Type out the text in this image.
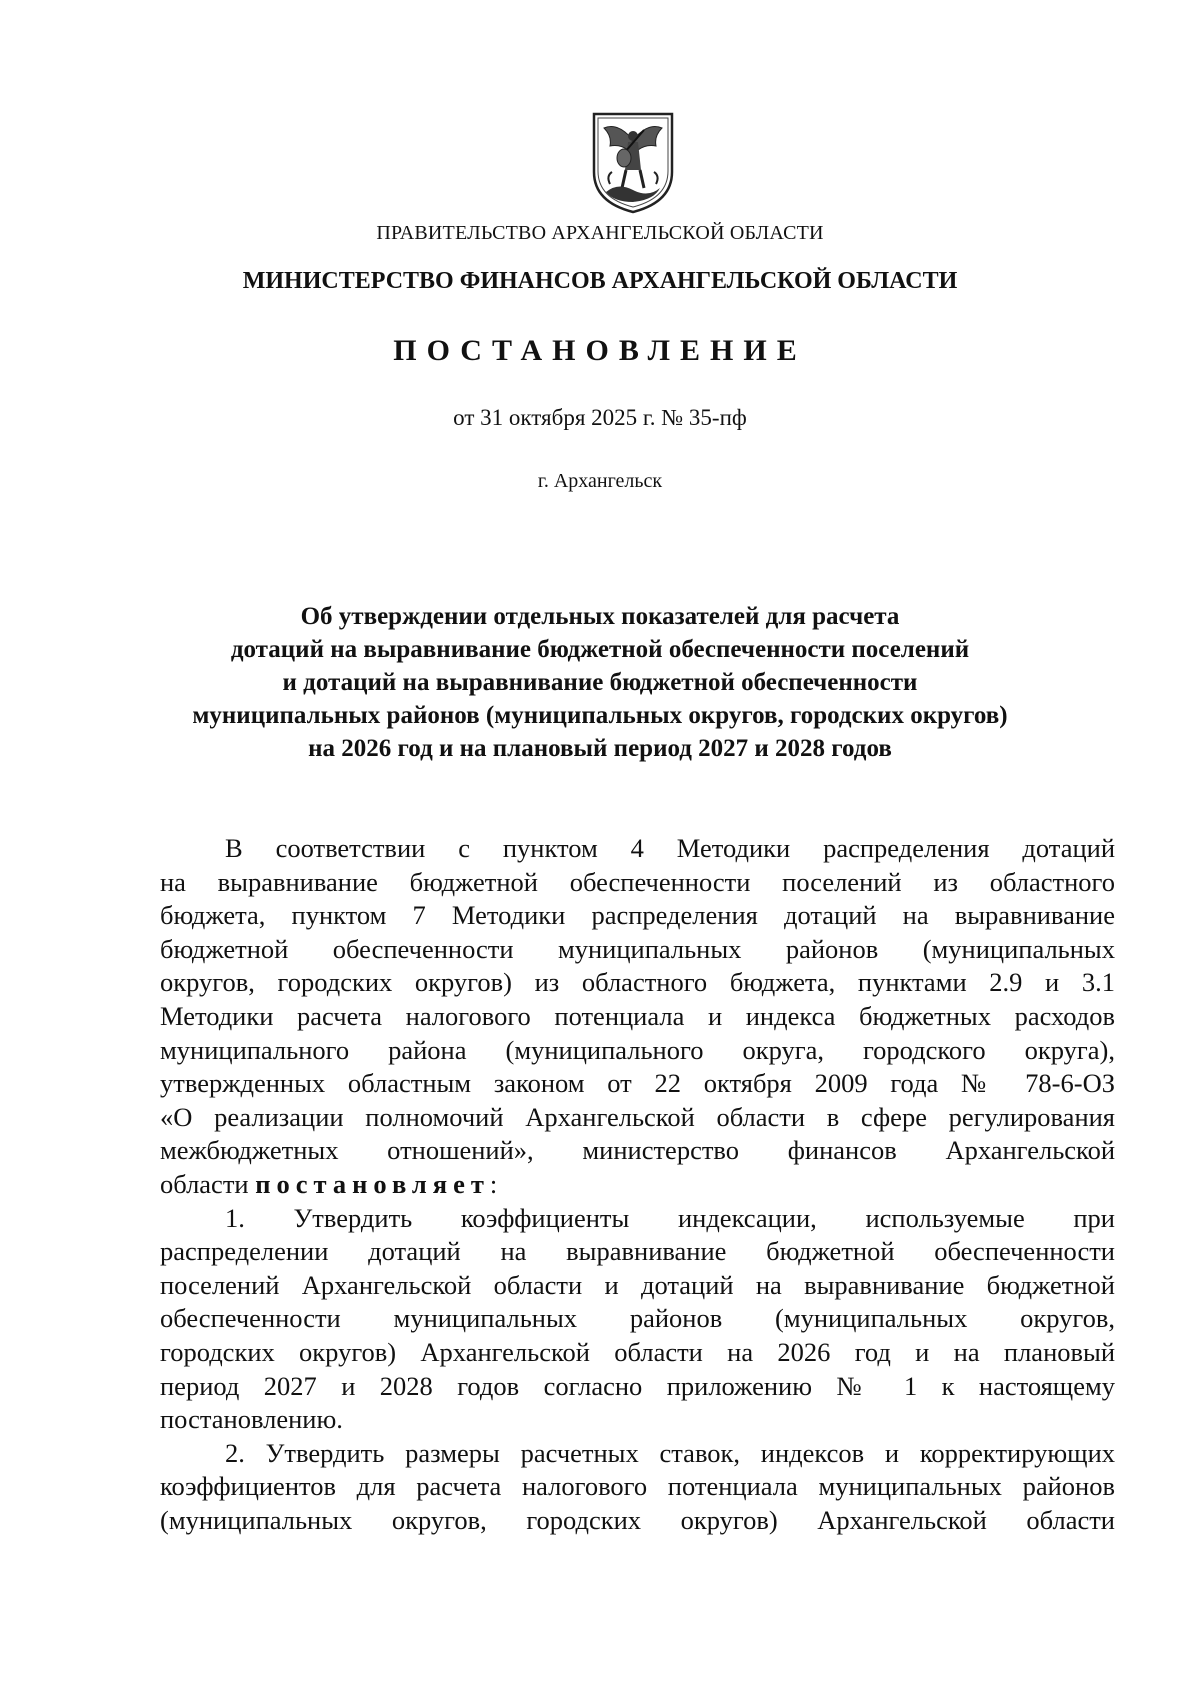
ПРАВИТЕЛЬСТВО АРХАНГЕЛЬСКОЙ ОБЛАСТИ
МИНИСТЕРСТВО ФИНАНСОВ АРХАНГЕЛЬСКОЙ ОБЛАСТИ
ПОСТАНОВЛЕНИЕ
от 31 октября 2025 г. № 35-пф
г. Архангельск
Об утверждении отдельных показателей для расчета
дотаций на выравнивание бюджетной обеспеченности поселений
и дотаций на выравнивание бюджетной обеспеченности
муниципальных районов (муниципальных округов, городских округов)
на 2026 год и на плановый период 2027 и 2028 годов
В соответствии с пунктом 4 Методики распределения дотаций
на выравнивание бюджетной обеспеченности поселений из областного
бюджета, пунктом 7 Методики распределения дотаций на выравнивание
бюджетной обеспеченности муниципальных районов (муниципальных
округов, городских округов) из областного бюджета, пунктами 2.9 и 3.1
Методики расчета налогового потенциала и индекса бюджетных расходов
муниципального района (муниципального округа, городского округа),
утвержденных областным законом от 22 октября 2009 года № 78-6-ОЗ
«О реализации полномочий Архангельской области в сфере регулирования
межбюджетных отношений», министерство финансов Архангельской
области постановляет:
1. Утвердить коэффициенты индексации, используемые при
распределении дотаций на выравнивание бюджетной обеспеченности
поселений Архангельской области и дотаций на выравнивание бюджетной
обеспеченности муниципальных районов (муниципальных округов,
городских округов) Архангельской области на 2026 год и на плановый
период 2027 и 2028 годов согласно приложению № 1 к настоящему
постановлению.
2. Утвердить размеры расчетных ставок, индексов и корректирующих
коэффициентов для расчета налогового потенциала муниципальных районов
(муниципальных округов, городских округов) Архангельской области
